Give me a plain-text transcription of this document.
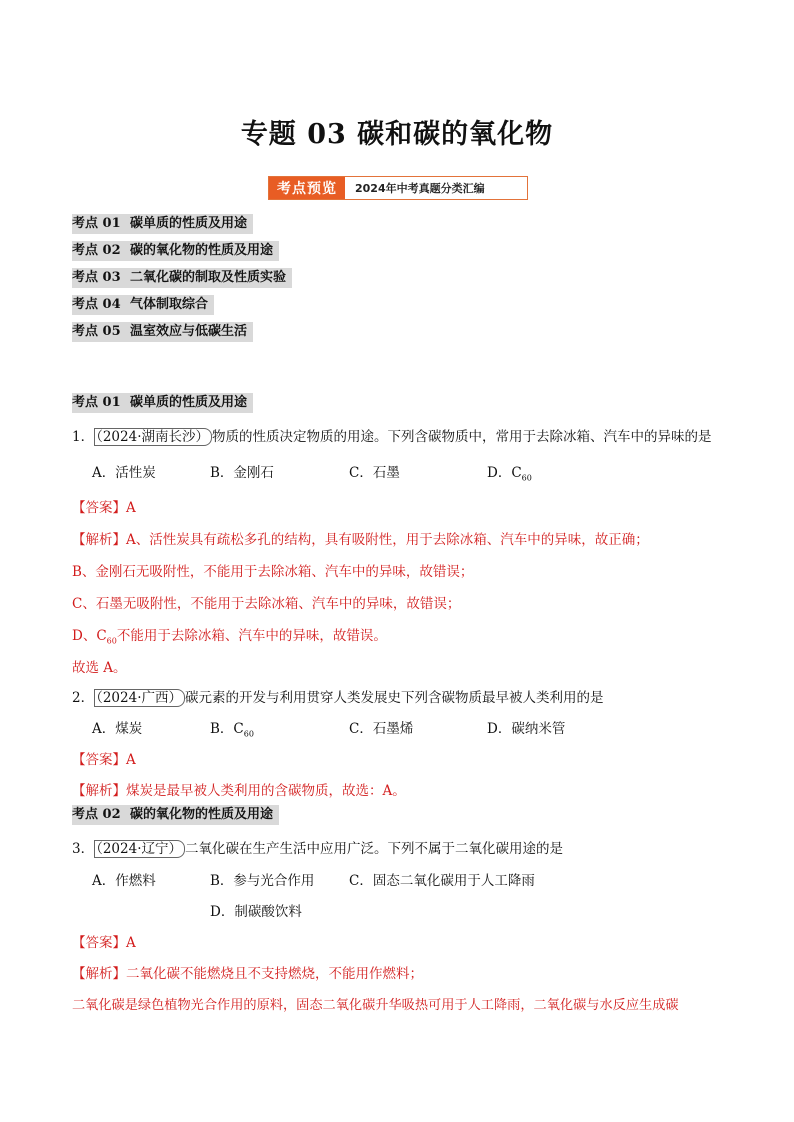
专题 03 碳和碳的氧化物
考点预览	2024年中考真题分类汇编
考点 01 碳单质的性质及用途
考点 02 碳的氧化物的性质及用途
考点 03 二氧化碳的制取及性质实验
考点 04 气体制取综合
考点 05 温室效应与低碳生活
考点 01 碳单质的性质及用途
1． （2024·湖南长沙） 物质的性质决定物质的用途。下列含碳物质中，常用于去除冰箱、汽车中的异味的是
A．活性炭	B．金刚石	C．石墨	D．$C_{60}$
【答案】A
【解析】A、活性炭具有疏松多孔的结构，具有吸附性，用于去除冰箱、汽车中的异味，故正确；
B、金刚石无吸附性，不能用于去除冰箱、汽车中的异味，故错误；
C、石墨无吸附性，不能用于去除冰箱、汽车中的异味，故错误；
D、$C_{60}$不能用于去除冰箱、汽车中的异味，故错误。
故选 A。
2． （2024·广西） 碳元素的开发与利用贯穿人类发展史下列含碳物质最早被人类利用的是
A．煤炭	B．$C_{60}$	C．石墨烯	D．碳纳米管
【答案】A
【解析】煤炭是最早被人类利用的含碳物质，故选：A。
考点 02 碳的氧化物的性质及用途
3． （2024·辽宁） 二氧化碳在生产生活中应用广泛。下列不属于二氧化碳用途的是
A．作燃料	B．参与光合作用	C．固态二氧化碳用于人工降雨
D．制碳酸饮料
【答案】A
【解析】二氧化碳不能燃烧且不支持燃烧，不能用作燃料；
二氧化碳是绿色植物光合作用的原料，固态二氧化碳升华吸热可用于人工降雨，二氧化碳与水反应生成碳
